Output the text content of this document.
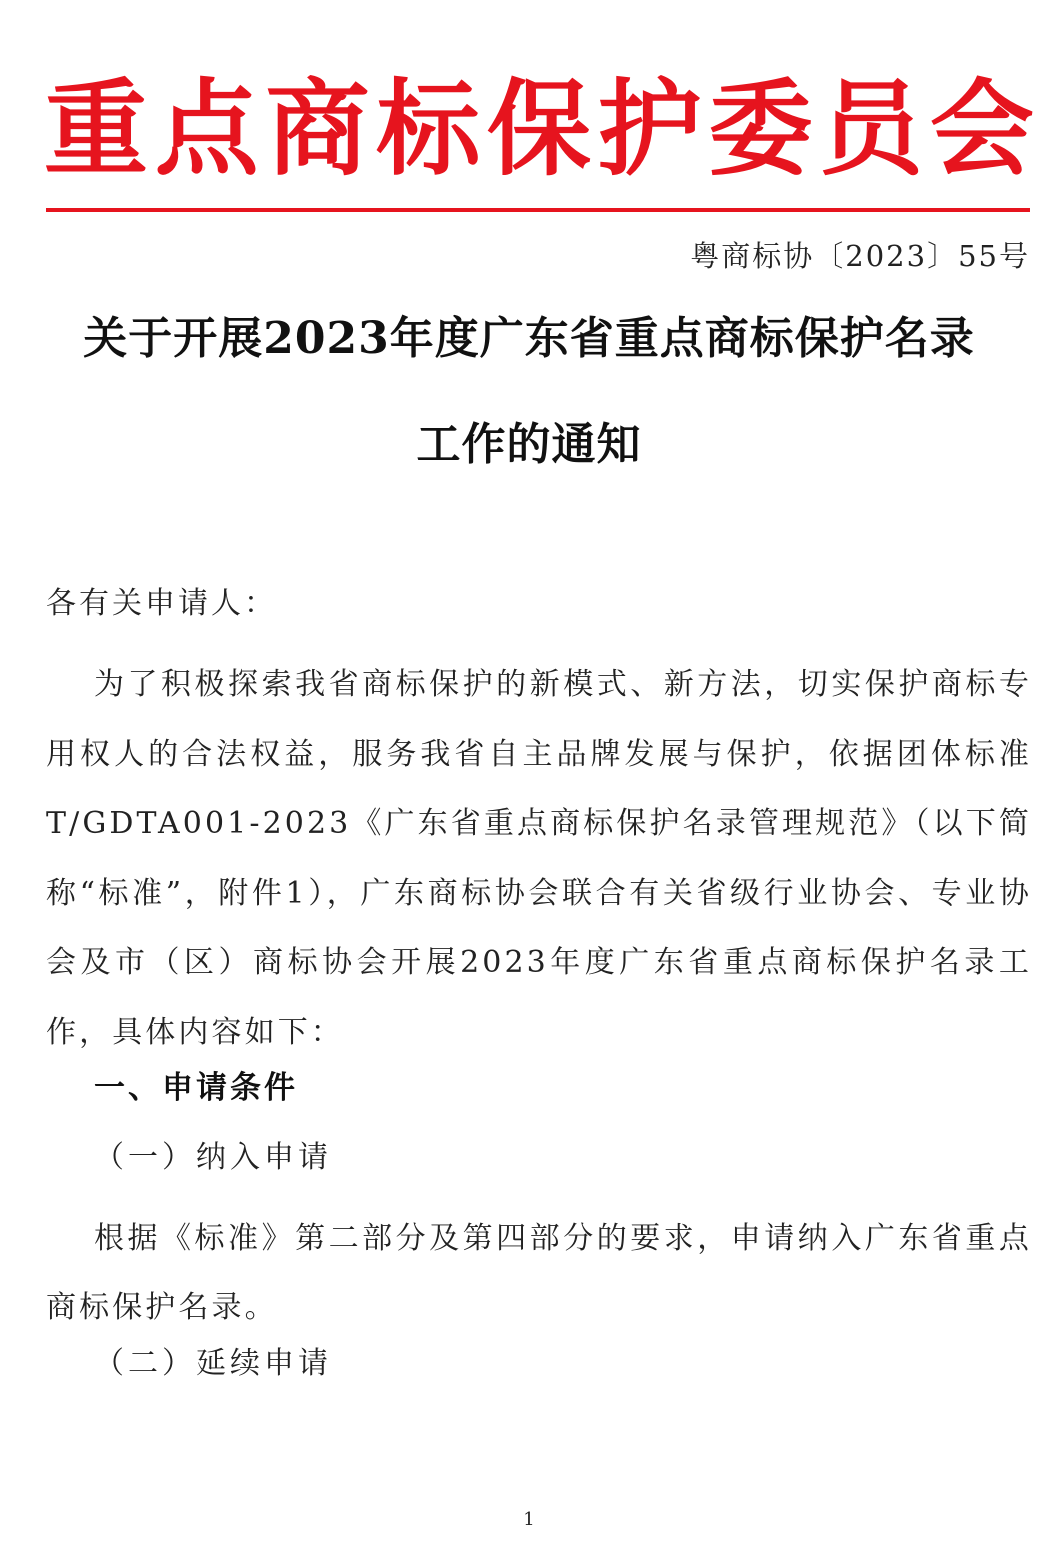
重 点 商 标 保 护 委 员 会
粤商标协〔2023〕55号
关于开展2023年度广东省重点商标保护名录
工作的通知
各有关申请人：
为了积极探索我省商标保护的新模式、新方法，切实保护商标专用权人的合法权益，服务我省自主品牌发展与保护，依据团体标准T/GDTA001-2023《广东省重点商标保护名录管理规范》（以下简称“标准”，附件1），广东商标协会联合有关省级行业协会、专业协会及市（区）商标协会开展2023年度广东省重点商标保护名录工作，具体内容如下：
一、申请条件
（一）纳入申请
根据《标准》第二部分及第四部分的要求，申请纳入广东省重点商标保护名录。
（二）延续申请
1
